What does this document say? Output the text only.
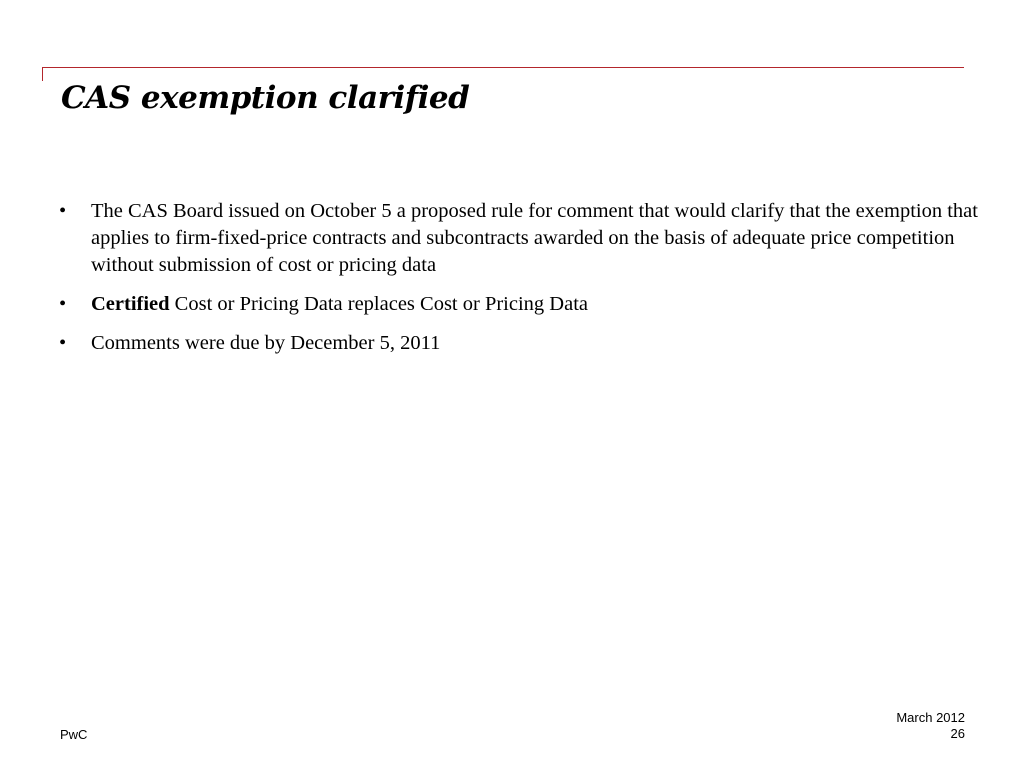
CAS exemption clarified
• The CAS Board issued on October 5 a proposed rule for comment that would clarify that the exemption that applies to firm-fixed-price contracts and subcontracts awarded on the basis of adequate price competition without submission of cost or pricing data
• Certified Cost or Pricing Data replaces Cost or Pricing Data
• Comments were due by December 5, 2011
PwC
March 2012
26
